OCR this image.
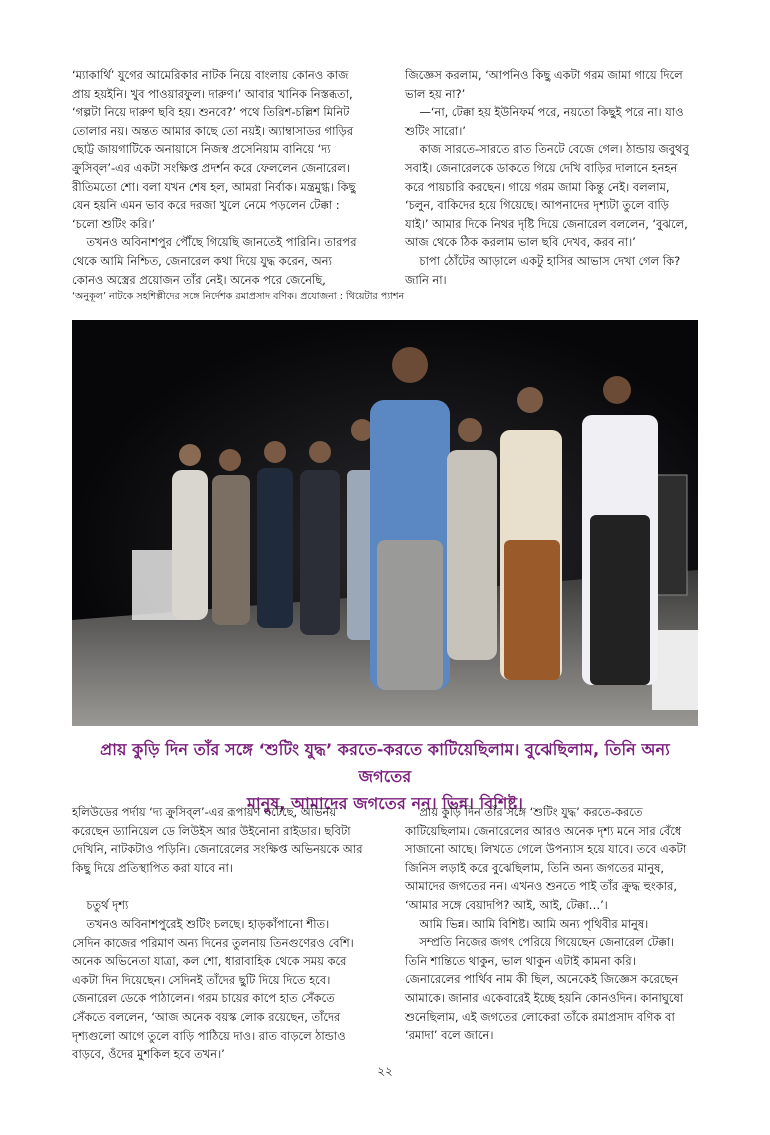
‘ম্যাকার্থি’ যুগের আমেরিকার নাটক নিয়ে বাংলায় কোনও কাজ

প্রায় হয়ইনি। খুব পাওয়ারফুল। দারুণ।’ আবার খানিক নিস্তব্ধতা,

‘গল্পটা নিয়ে দারুণ ছবি হয়। শুনবে?’ পথে তিরিশ-চল্লিশ মিনিট

তোলার নয়। অন্তত আমার কাছে তো নয়ই। অ্যাম্বাসাডর গাড়ির

ছোট্ট জায়গাটিকে অনায়াসে নিজস্ব প্রসেনিয়াম বানিয়ে ‘দ্য

ক্রুসিব্‌ল’-এর একটা সংক্ষিপ্ত প্রদর্শন করে ফেললেন জেনারেল।

রীতিমতো শো। বলা যখন শেষ হল, আমরা নির্বাক। মন্ত্রমুগ্ধ। কিছু

যেন হয়নি এমন ভাব করে দরজা খুলে নেমে পড়লেন টেক্কা :

‘চলো শুটিং করি।’

তখনও অবিনাশপুর পৌঁছে গিয়েছি জানতেই পারিনি। তারপর

থেকে আমি নিশ্চিত, জেনারেল কথা দিয়ে যুদ্ধ করেন, অন্য

কোনও অস্ত্রের প্রয়োজন তাঁর নেই। অনেক পরে জেনেছি,

জিজ্ঞেস করলাম, ‘আপনিও কিছু একটা গরম জামা গায়ে দিলে

ভাল হয় না?’

—‘না, টেক্কা হয় ইউনিফর্ম পরে, নয়তো কিছুই পরে না। যাও

শুটিং সারো।’

কাজ সারতে-সারতে রাত তিনটে বেজে গেল। ঠান্ডায় জবুথবু

সবাই। জেনারেলকে ডাকতে গিয়ে দেখি বাড়ির দালানে হনহন

করে পায়চারি করছেন। গায়ে গরম জামা কিন্তু নেই। বললাম,

‘চলুন, বাকিদের হয়ে গিয়েছে। আপনাদের দৃশ্যটা তুলে বাড়ি

যাই।’ আমার দিকে নিথর দৃষ্টি দিয়ে জেনারেল বললেন, ‘বুঝলে,

আজ থেকে ঠিক করলাম ভাল ছবি দেখব, করব না।’

চাপা ঠোঁটের আড়ালে একটু হাসির আভাস দেখা গেল কি?

জানি না।

‘অনুকূল’ নাটকে সহশিল্পীদের সঙ্গে নির্দেশক রমাপ্রসাদ বণিক। প্রযোজনা : থিয়েটার প্যাশন
প্রায় কুড়ি দিন তাঁর সঙ্গে ‘শুটিং যুদ্ধ’ করতে-করতে কাটিয়েছিলাম। বুঝেছিলাম, তিনি অন্য জগতের
মানুষ, আমাদের জগতের নন। ভিন্ন। বিশিষ্ট।

হলিউডের পর্দায় ‘দ্য ক্রুসিব্‌ল’-এর রূপায়ণ ঘটেছে, অভিনয়

করেছেন ড্যানিয়েল ডে লিউইস আর উইনোনা রাইডার। ছবিটা

দেখিনি, নাটকটাও পড়িনি। জেনারেলের সংক্ষিপ্ত অভিনয়কে আর

কিছু দিয়ে প্রতিস্থাপিত করা যাবে না।

চতুর্থ দৃশ্য

তখনও অবিনাশপুরেই শুটিং চলছে। হাড়কাঁপানো শীত।

সেদিন কাজের পরিমাণ অন্য দিনের তুলনায় তিনগুণেরও বেশি।

অনেক অভিনেতা যাত্রা, কল শো, ধারাবাহিক থেকে সময় করে

একটা দিন দিয়েছেন। সেদিনই তাঁদের ছুটি দিয়ে দিতে হবে।

জেনারেল ডেকে পাঠালেন। গরম চায়ের কাপে হাত সেঁকতে

সেঁকতে বললেন, ‘আজ অনেক বয়স্ক লোক রয়েছেন, তাঁদের

দৃশ্যগুলো আগে তুলে বাড়ি পাঠিয়ে দাও। রাত বাড়লে ঠান্ডাও

বাড়বে, ওঁদের মুশকিল হবে তখন।’

প্রায় কুড়ি দিন তাঁর সঙ্গে ‘শুটিং যুদ্ধ’ করতে-করতে

কাটিয়েছিলাম। জেনারেলের আরও অনেক দৃশ্য মনে সার বেঁধে

সাজানো আছে। লিখতে গেলে উপন্যাস হয়ে যাবে। তবে একটা

জিনিস লড়াই করে বুঝেছিলাম, তিনি অন্য জগতের মানুষ,

আমাদের জগতের নন। এখনও শুনতে পাই তাঁর ক্রুদ্ধ হুংকার,

‘আমার সঙ্গে বেয়াদপি? আই, আই, টেক্কা…’।

আমি ভিন্ন। আমি বিশিষ্ট। আমি অন্য পৃথিবীর মানুষ।

সম্প্রতি নিজের জগৎ পেরিয়ে গিয়েছেন জেনারেল টেক্কা।

তিনি শান্তিতে থাকুন, ভাল থাকুন এটাই কামনা করি।

জেনারেলের পার্থিব নাম কী ছিল, অনেকেই জিজ্ঞেস করেছেন

আমাকে। জানার একেবারেই ইচ্ছে হয়নি কোনওদিন। কানাঘুষো

শুনেছিলাম, এই জগতের লোকেরা তাঁকে রমাপ্রসাদ বণিক বা

‘রমাদা’ বলে জানে।

২২
